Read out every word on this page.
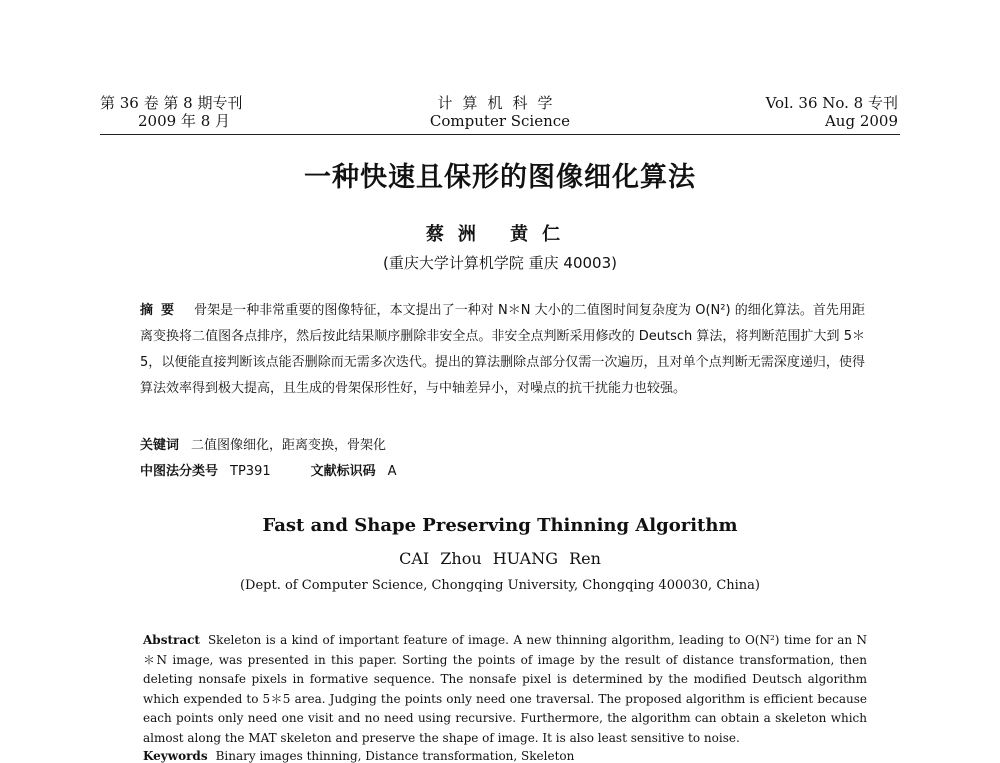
第 36 卷 第 8 期专刊
2009 年 8 月
计算机科学
Computer Science
Vol. 36 No. 8 专刊
Aug 2009
一种快速且保形的图像细化算法
蔡洲 黄仁
(重庆大学计算机学院 重庆 40003)
摘要 骨架是一种非常重要的图像特征，本文提出了一种对 N＊N 大小的二值图时间复杂度为 O(N²) 的细化算法。首先用距离变换将二值图各点排序，然后按此结果顺序删除非安全点。非安全点判断采用修改的 Deutsch 算法，将判断范围扩大到 5＊5，以便能直接判断该点能否删除而无需多次迭代。提出的算法删除点部分仅需一次遍历，且对单个点判断无需深度递归，使得算法效率得到极大提高，且生成的骨架保形性好，与中轴差异小，对噪点的抗干扰能力也较强。
关键词 二值图像细化，距离变换，骨架化
中图法分类号 TP391	文献标识码 A
Fast and Shape Preserving Thinning Algorithm
CAI Zhou HUANG Ren
(Dept. of Computer Science, Chongqing University, Chongqing 400030, China)
Abstract Skeleton is a kind of important feature of image. A new thinning algorithm, leading to O(N²) time for an N＊N image, was presented in this paper. Sorting the points of image by the result of distance transformation, then deleting nonsafe pixels in formative sequence. The nonsafe pixel is determined by the modified Deutsch algorithm which expended to 5＊5 area. Judging the points only need one traversal. The proposed algorithm is efficient because each points only need one visit and no need using recursive. Furthermore, the algorithm can obtain a skeleton which almost along the MAT skeleton and preserve the shape of image. It is also least sensitive to noise.
Keywords Binary images thinning, Distance transformation, Skeleton
